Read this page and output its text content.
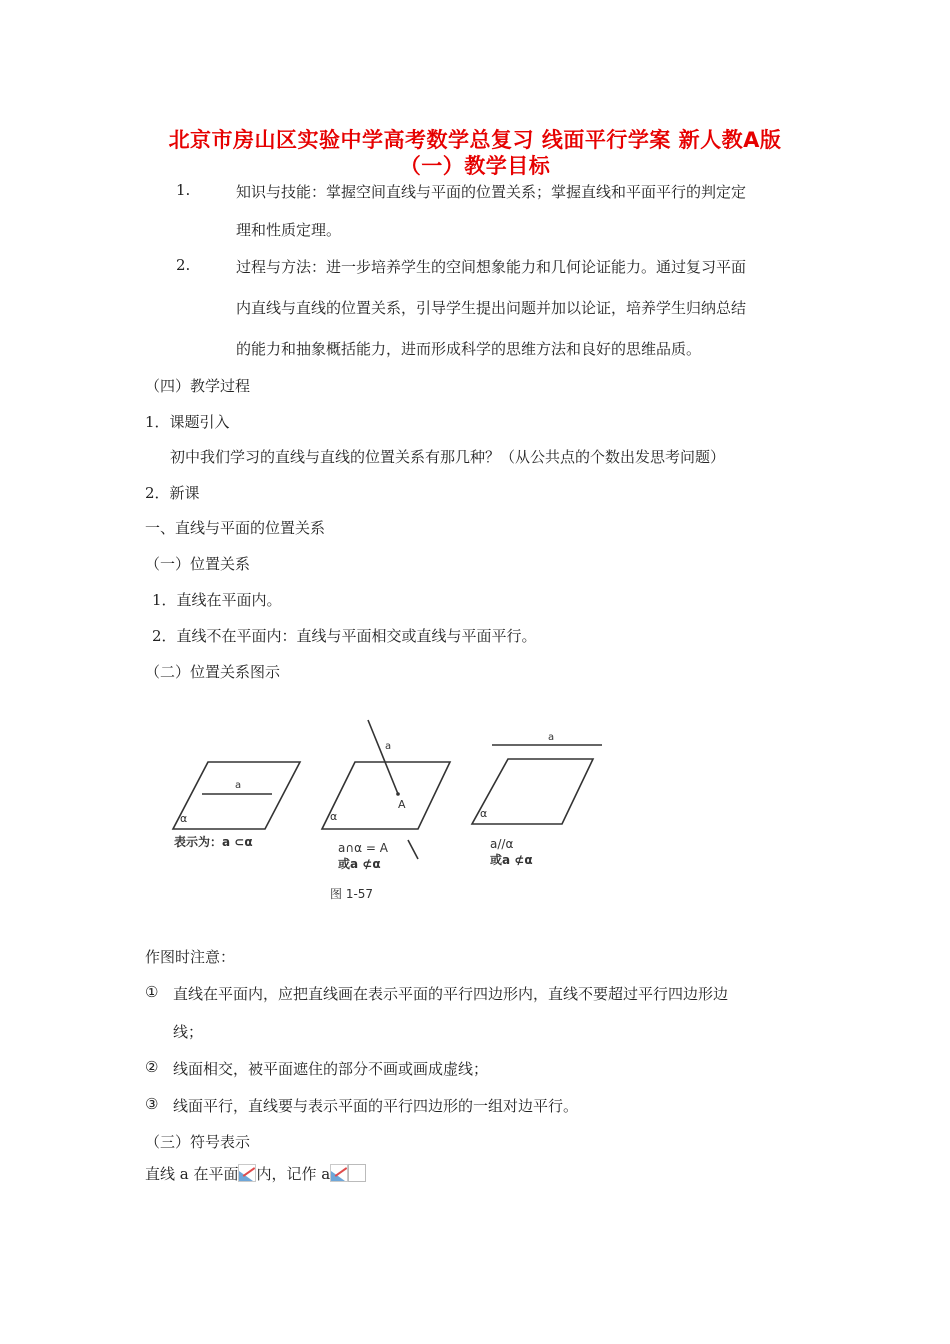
北京市房山区实验中学高考数学总复习 线面平行学案 新人教A版
（一）教学目标
1.	知识与技能：掌握空间直线与平面的位置关系；掌握直线和平面平行的判定定
理和性质定理。
2.	过程与方法：进一步培养学生的空间想象能力和几何论证能力。通过复习平面
内直线与直线的位置关系，引导学生提出问题并加以论证，培养学生归纳总结
的能力和抽象概括能力，进而形成科学的思维方法和良好的思维品质。
（四）教学过程
1．课题引入
初中我们学习的直线与直线的位置关系有那几种？（从公共点的个数出发思考问题）
2．新课
一、直线与平面的位置关系
（一）位置关系
1．直线在平面内。
2．直线不在平面内：直线与平面相交或直线与平面平行。
（二）位置关系图示
a
α
表示为：a ⊂α
a
A
α
a∩α = A
或a ⊄α
a
α
a//α
或a ⊄α
图 1-57
作图时注意：
① 直线在平面内，应把直线画在表示平面的平行四边形内，直线不要超过平行四边形边
线；
② 线面相交，被平面遮住的部分不画或画成虚线；
③ 线面平行，直线要与表示平面的平行四边形的一组对边平行。
（三）符号表示
直线 a 在平面 内，记作 a
